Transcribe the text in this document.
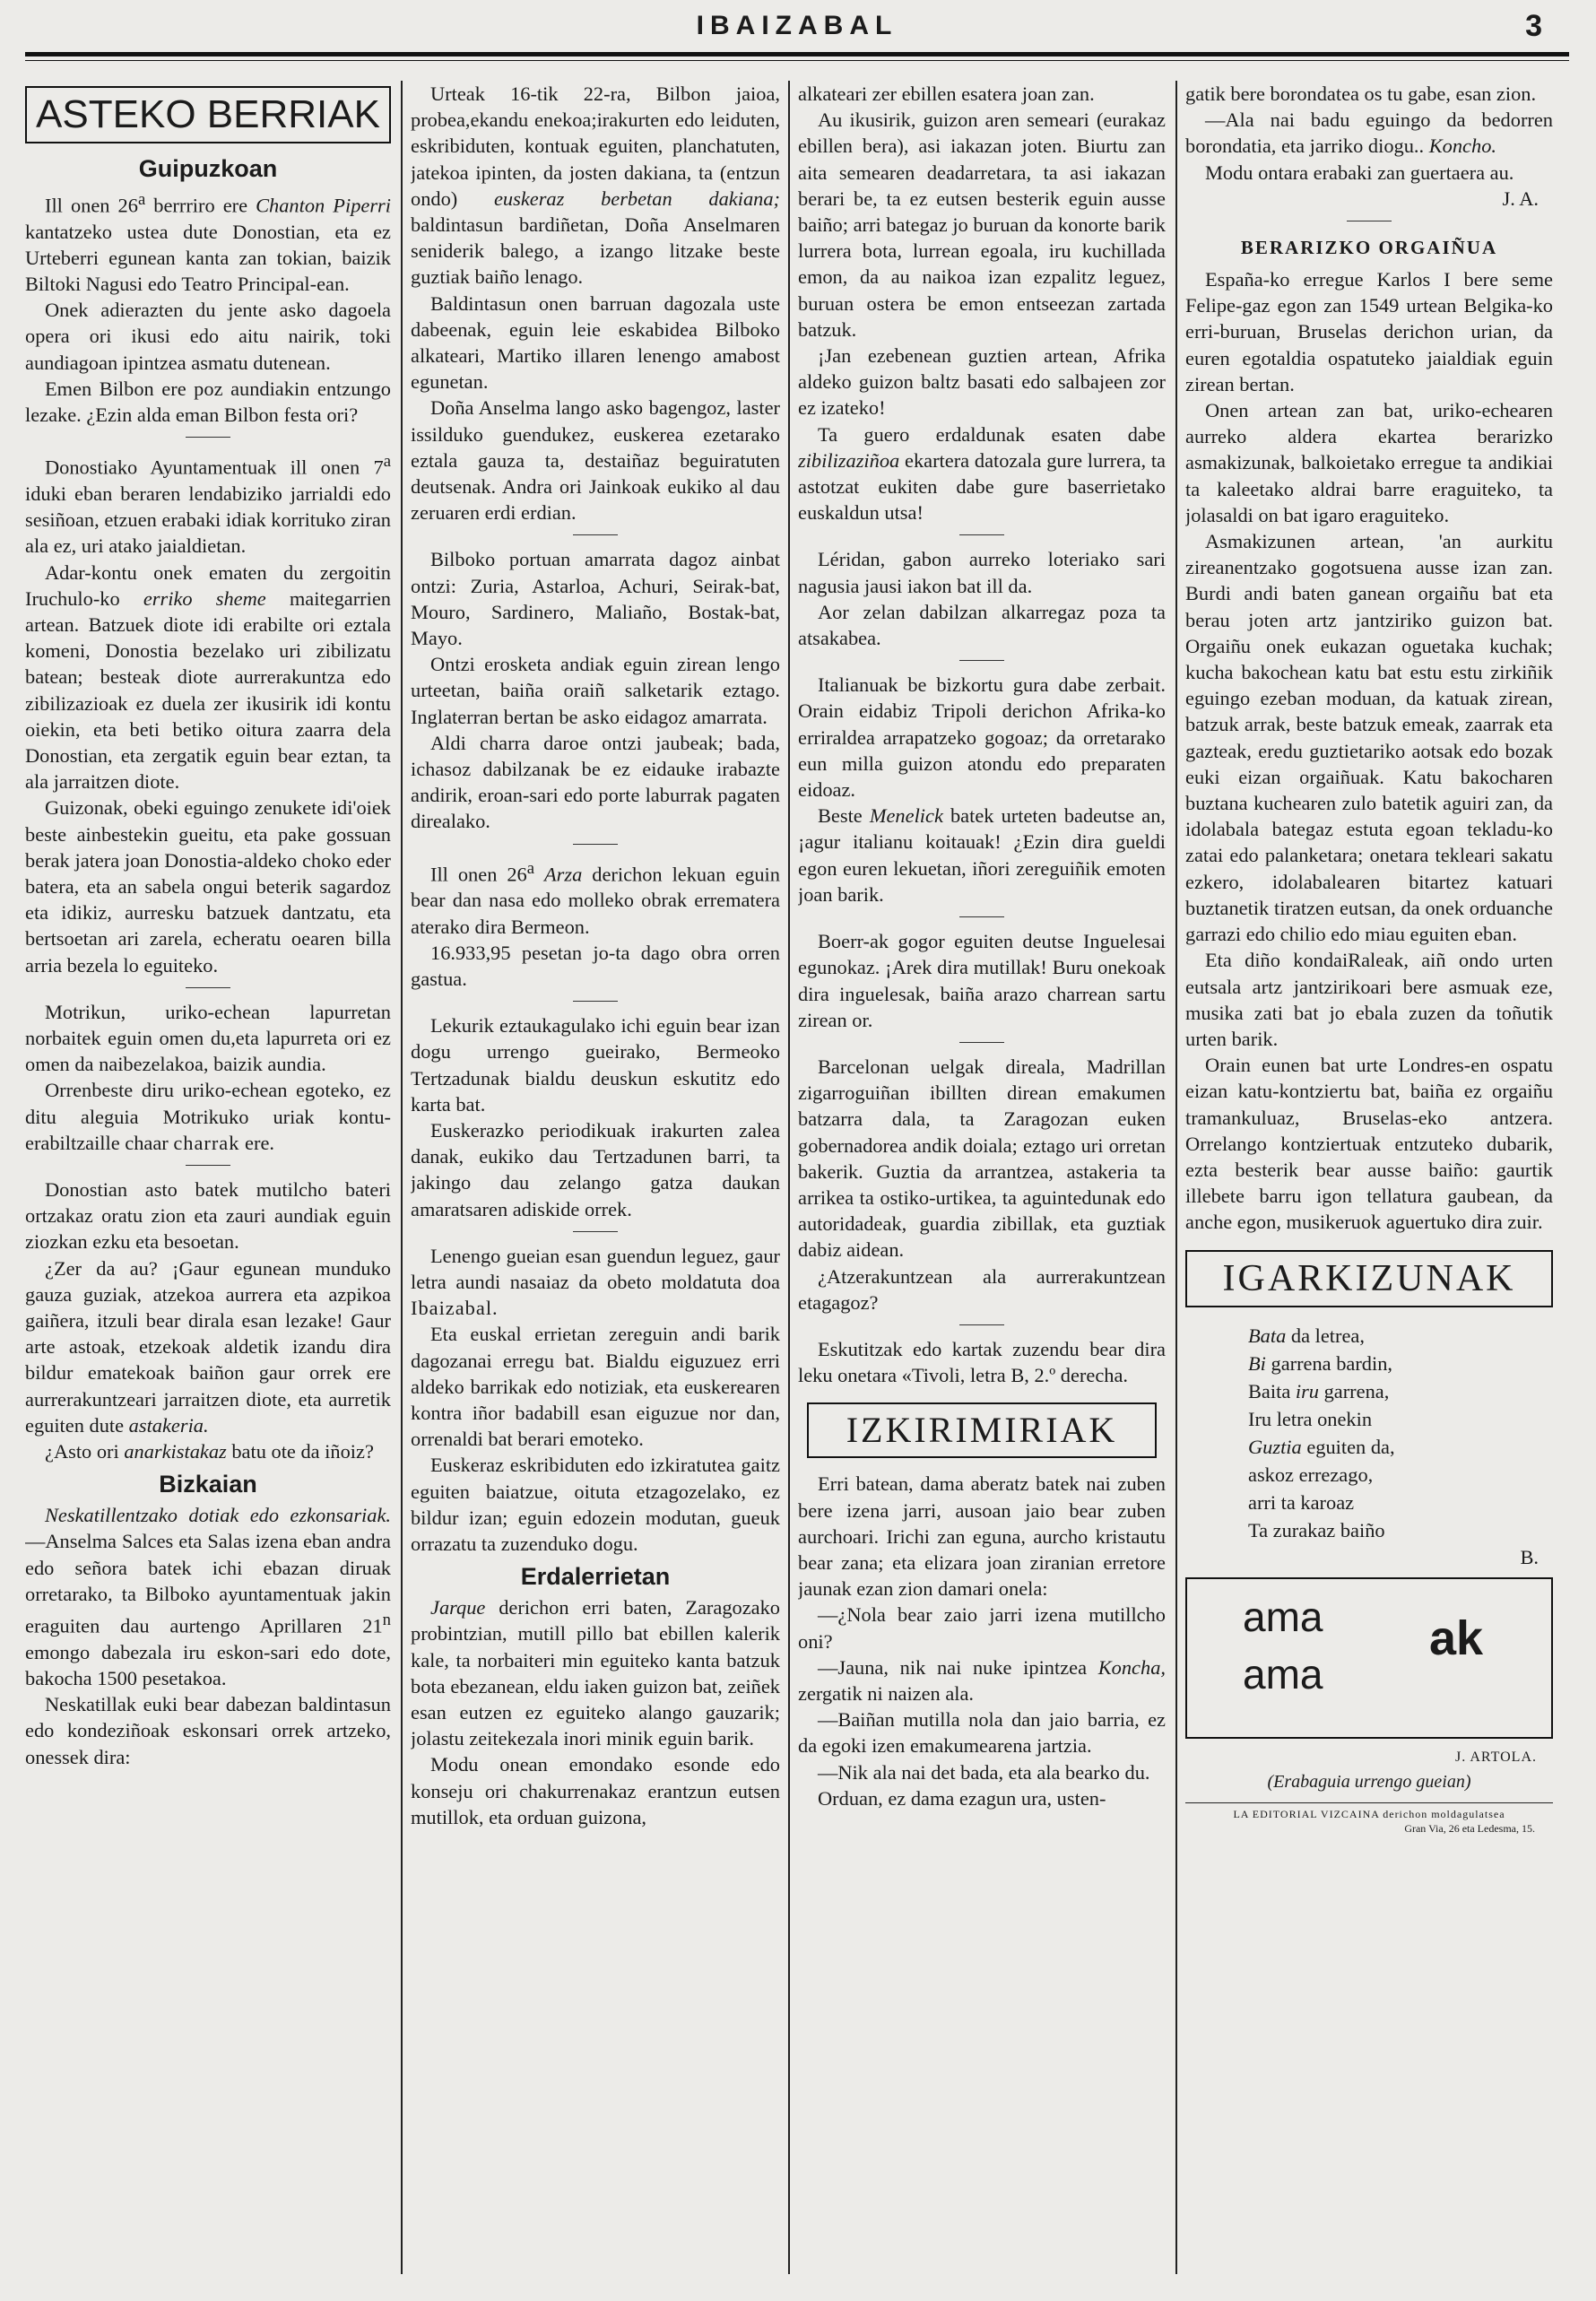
IBAIZABAL	3
ASTEKO BERRIAK
Guipuzkoan

Ill onen 26$^a$ berrriro ere Chanton Piperri kantatzeko ustea dute Donostian, eta ez Urteberri egunean kanta zan tokian, baizik Biltoki Nagusi edo Teatro Principal-ean.

Onek adierazten du jente asko dagoela opera ori ikusi edo aitu nairik, toki aundiagoan ipintzea asmatu dutenean.

Emen Bilbon ere poz aundiakin entzungo lezake. ¿Ezin alda eman Bilbon festa ori?

Donostiako Ayuntamentuak ill onen 7$^a$ iduki eban beraren lendabiziko jarrialdi edo sesiñoan, etzuen erabaki idiak korrituko ziran ala ez, uri atako jaialdietan.

Adar-kontu onek ematen du zergoitin Iruchulo-ko erriko sheme maitegarrien artean. Batzuek diote idi erabilte ori eztala komeni, Donostia bezelako uri zibilizatu batean; besteak diote aurrerakuntza edo zibilizazioak ez duela zer ikusirik idi kontu oiekin, eta beti betiko oitura zaarra dela Donostian, eta zergatik eguin bear eztan, ta ala jarraitzen diote.

Guizonak, obeki eguingo zenukete idi'oiek beste ainbestekin gueitu, eta pake gossuan berak jatera joan Donostia-aldeko choko eder batera, eta an sabela ongui beterik sagardoz eta idikiz, aurresku batzuek dantzatu, eta bertsoetan ari zarela, echeratu oearen billa arria bezela lo eguiteko.

Motrikun, uriko-echean lapurretan norbaitek eguin omen du,eta lapurreta ori ez omen da naibezelakoa, baizik aundia.

Orrenbeste diru uriko-echean egoteko, ez ditu aleguia Motrikuko uriak kontu-erabiltzaille chaar charrak ere.

Donostian asto batek mutilcho bateri ortzakaz oratu zion eta zauri aundiak eguin ziozkan ezku eta besoetan.

¿Zer da au? ¡Gaur egunean munduko gauza guziak, atzekoa aurrera eta azpikoa gaiñera, itzuli bear dirala esan lezake! Gaur arte astoak, etzekoak aldetik izandu dira bildur ematekoak baiñon gaur orrek ere aurrerakuntzeari jarraitzen diote, eta aurretik eguiten dute astakeria.

¿Asto ori anarkistakaz batu ote da iñoiz?

Bizkaian

Neskatillentzako dotiak edo ezkonsariak.—Anselma Salces eta Salas izena eban andra edo señora batek ichi ebazan diruak orretarako, ta Bilboko ayuntamentuak jakin eraguiten dau aurtengo Aprillaren 21$^n$ emongo dabezala iru eskon-sari edo dote, bakocha 1500 pesetakoa.

Neskatillak euki bear dabezan baldintasun edo kondeziñoak eskonsari orrek artzeko, onessek dira:

Urteak 16-tik 22-ra, Bilbon jaioa, probea,ekandu enekoa;irakurten edo leiduten, eskribiduten, kontuak eguiten, planchatuten, jatekoa ipinten, da josten dakiana, ta (entzun ondo) euskeraz berbetan dakiana; baldintasun bardiñetan, Doña Anselmaren seniderik balego, a izango litzake beste guztiak baiño lenago.

Baldintasun onen barruan dagozala uste dabeenak, eguin leie eskabidea Bilboko alkateari, Martiko illaren lenengo amabost egunetan.

Doña Anselma lango asko bagengoz, laster issilduko guendukez, euskerea ezetarako eztala gauza ta, destaiñaz beguiratuten deutsenak. Andra ori Jainkoak eukiko al dau zeruaren erdi erdian.

Bilboko portuan amarrata dagoz ainbat ontzi: Zuria, Astarloa, Achuri, Seirak-bat, Mouro, Sardinero, Maliaño, Bostak-bat, Mayo.

Ontzi erosketa andiak eguin zirean lengo urteetan, baiña oraiñ salketarik eztago. Inglaterran bertan be asko eidagoz amarrata.

Aldi charra daroe ontzi jaubeak; bada, ichasoz dabilzanak be ez eidauke irabazte andirik, eroan-sari edo porte laburrak pagaten direalako.

Ill onen 26$^a$ Arza derichon lekuan eguin bear dan nasa edo molleko obrak errematera aterako dira Bermeon.

16.933,95 pesetan jo-ta dago obra orren gastua.

Lekurik eztaukagulako ichi eguin bear izan dogu urrengo gueirako, Bermeoko Tertzadunak bialdu deuskun eskutitz edo karta bat.

Euskerazko periodikuak irakurten zalea danak, eukiko dau Tertzadunen barri, ta jakingo dau zelango gatza daukan amaratsaren adiskide orrek.

Lenengo gueian esan guendun leguez, gaur letra aundi nasaiaz da obeto moldatuta doa Ibaizabal.

Eta euskal errietan zereguin andi barik dagozanai erregu bat. Bialdu eiguzuez erri aldeko barrikak edo notiziak, eta euskerearen kontra iñor badabill esan eiguzue nor dan, orrenaldi bat berari emoteko.

Euskeraz eskribiduten edo izkiratutea gaitz eguiten baiatzue, oituta etzagozelako, ez bildur izan; eguin edozein modutan, gueuk orrazatu ta zuzenduko dogu.

Erdalerrietan

Jarque derichon erri baten, Zaragozako probintzian, mutill pillo bat ebillen kalerik kale, ta norbaiteri min eguiteko kanta batzuk bota ebezanean, eldu iaken guizon bat, zeiñek esan eutzen ez eguiteko alango gauzarik; jolastu zeitekezala inori minik eguin barik.

Modu onean emondako esonde edo konseju ori chakurrenakaz erantzun eutsen mutillok, eta orduan guizona,

alkateari zer ebillen esatera joan zan.

Au ikusirik, guizon aren semeari (eurakaz ebillen bera), asi iakazan joten. Biurtu zan aita semearen deadarretara, ta asi iakazan berari be, ta ez eutsen besterik eguin ausse baiño; arri bategaz jo buruan da konorte barik lurrera bota, lurrean egoala, iru kuchillada emon, da au naikoa izan ezpalitz leguez, buruan ostera be emon entseezan zartada batzuk.

¡Jan ezebenean guztien artean, Afrika aldeko guizon baltz basati edo salbajeen zor ez izateko!

Ta guero erdaldunak esaten dabe zibilizaziñoa ekartera datozala gure lurrera, ta astotzat eukiten dabe gure baserrietako euskaldun utsa!

Léridan, gabon aurreko loteriako sari nagusia jausi iakon bat ill da.

Aor zelan dabilzan alkarregaz poza ta atsakabea.

Italianuak be bizkortu gura dabe zerbait. Orain eidabiz Tripoli derichon Afrika-ko erriraldea arrapatzeko gogoaz; da orretarako eun milla guizon atondu edo preparaten eidoaz.

Beste Menelick batek urteten badeutse an, ¡agur italianu koitauak! ¿Ezin dira gueldi egon euren lekuetan, iñori zereguiñik emoten joan barik.

Boerr-ak gogor eguiten deutse Inguelesai egunokaz. ¡Arek dira mutillak! Buru onekoak dira inguelesak, baiña arazo charrean sartu zirean or.

Barcelonan uelgak direala, Madrillan zigarroguiñan ibillten direan emakumen batzarra dala, ta Zaragozan euken gobernadorea andik doiala; eztago uri orretan bakerik. Guztia da arrantzea, astakeria ta arrikea ta ostiko-urtikea, ta aguintedunak edo autoridadeak, guardia zibillak, eta guztiak dabiz aidean.

¿Atzerakuntzean ala aurrerakuntzean etagagoz?

Eskutitzak edo kartak zuzendu bear dira leku onetara «Tivoli, letra B, 2.º derecha.

IZKIRIMIRIAK

Erri batean, dama aberatz batek nai zuben bere izena jarri, ausoan jaio bear zuben aurchoari. Irichi zan eguna, aurcho kristautu bear zana; eta elizara joan ziranian erretore jaunak ezan zion damari onela:

—¿Nola bear zaio jarri izena mutillcho oni?

—Jauna, nik nai nuke ipintzea Koncha, zergatik ni naizen ala.

—Baiñan mutilla nola dan jaio barria, ez da egoki izen emakumearena jartzia.

—Nik ala nai det bada, eta ala bearko du.

Orduan, ez dama ezagun ura, usten-

gatik bere borondatea os tu gabe, esan zion.

—Ala nai badu eguingo da bedorren borondatia, eta jarriko diogu.. Koncho.

Modu ontara erabaki zan guertaera au.

J. A.
BERARIZKO ORGAIÑUA

España-ko erregue Karlos I bere seme Felipe-gaz egon zan 1549 urtean Belgika-ko erri-buruan, Bruselas derichon urian, da euren egotaldia ospatuteko jaialdiak eguin zirean bertan.

Onen artean zan bat, uriko-echearen aurreko aldera ekartea berarizko asmakizunak, balkoietako erregue ta andikiai ta kaleetako aldrai barre eraguiteko, ta jolasaldi on bat igaro eraguiteko.

Asmakizunen artean, 'an aurkitu zireanentzako gogotsuena ausse izan zan. Burdi andi baten ganean orgaiñu bat eta berau joten artz jantziriko guizon bat. Orgaiñu onek eukazan oguetaka kuchak; kucha bakochean katu bat estu estu zirkiñik eguingo ezeban moduan, da katuak zirean, batzuk arrak, beste batzuk emeak, zaarrak eta gazteak, eredu guztietariko aotsak edo bozak euki eizan orgaiñuak. Katu bakocharen buztana kuchearen zulo batetik aguiri zan, da idolabala bategaz estuta egoan tekladu-ko zatai edo palanketara; onetara tekleari sakatu ezkero, idolabalearen bitartez katuari buztanetik tiratzen eutsan, da onek orduanche garrazi edo chilio edo miau eguiten eban.

Eta diño kondaiRaleak, aiñ ondo urten eutsala artz jantzirikoari bere asmuak eze, musika zati bat jo ebala zuzen da toñutik urten barik.

Orain eunen bat urte Londres-en ospatu eizan katu-kontziertu bat, baiña ez orgaiñu tramankuluaz, Bruselas-eko antzera. Orrelango kontziertuak entzuteko dubarik, ezta besterik bear ausse baiño: gaurtik illebete barru igon tellatura gaubean, da anche egon, musikeruok aguertuko dira zuir.

IGARKIZUNAK
Bata da letrea,
Bi garrena bardin,
Baita iru garrena,
Iru letra onekin
Guztia eguiten da,
askoz errezago,
arri ta karoaz
Ta zurakaz baiño
B.
ama
ama
ak
J. ARTOLA.
(Erabaguia urrengo gueian)
LA EDITORIAL VIZCAINA derichon moldagulatsea
Gran Via, 26 eta Ledesma, 15.
